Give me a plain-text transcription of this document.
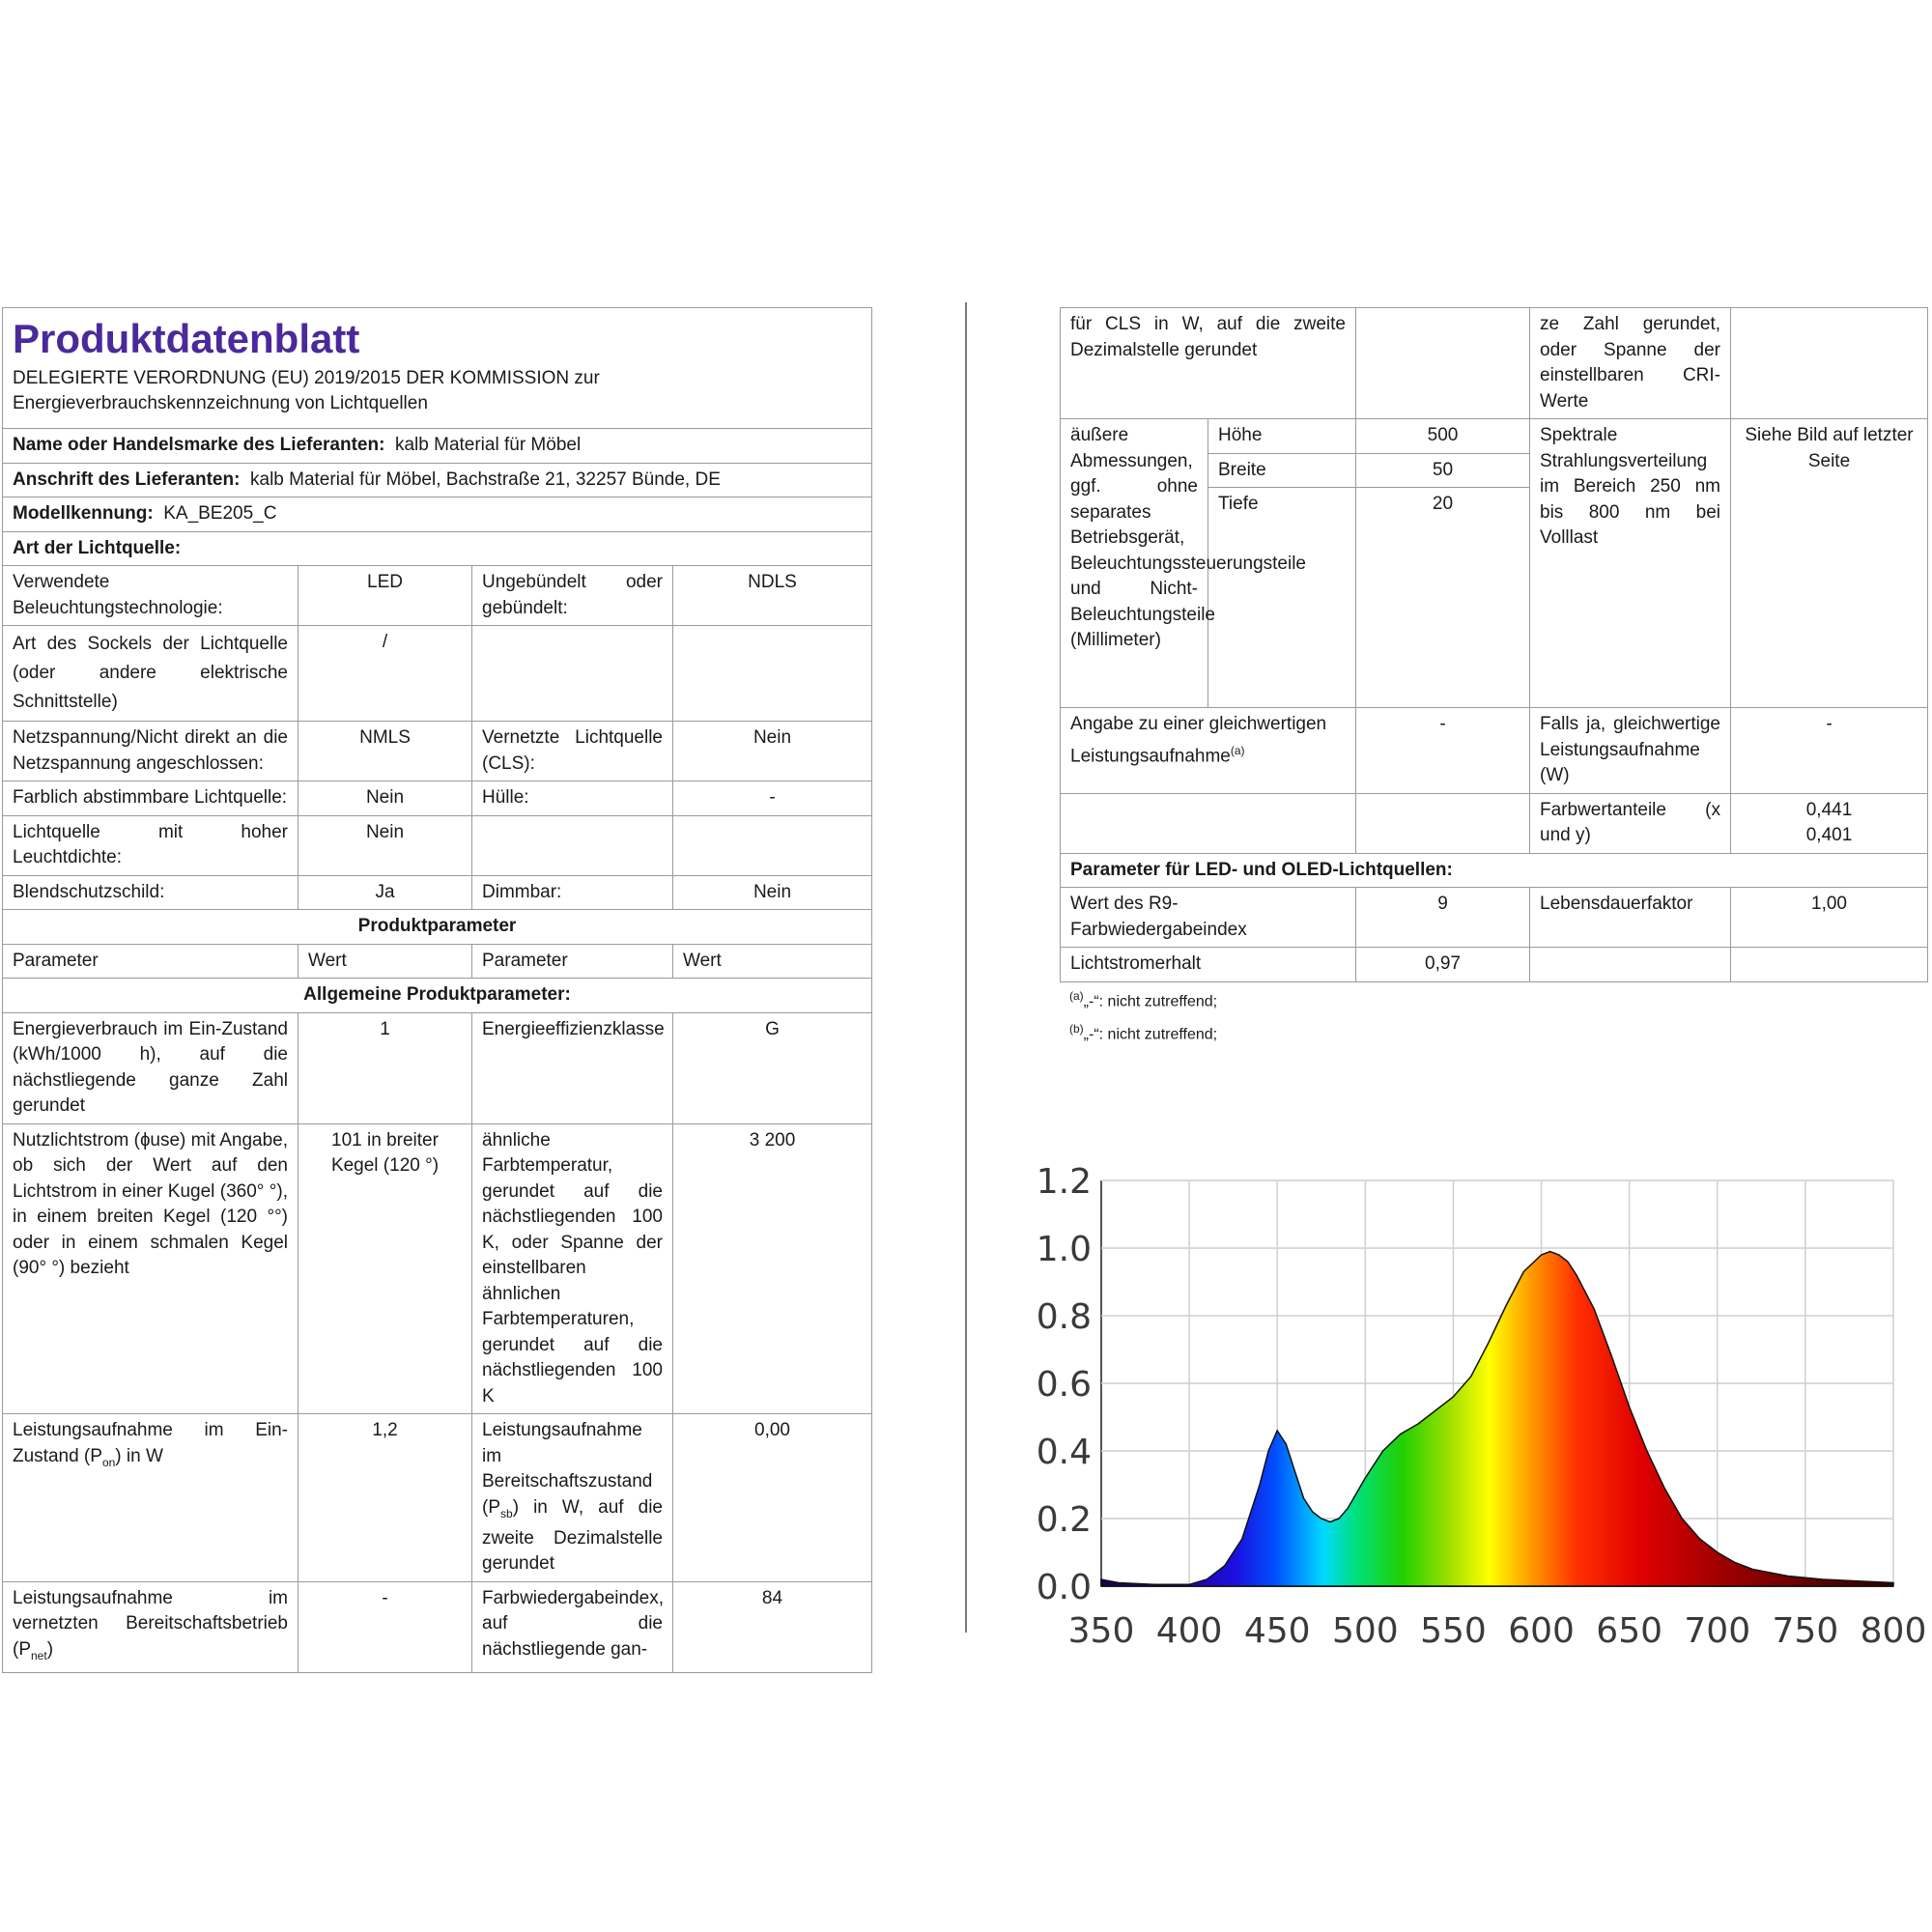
Produktdatenblatt
DELEGIERTE VERORDNUNG (EU) 2019/2015 DER KOMMISSION zur Energieverbrauchskennzeichnung von Lichtquellen			

Name oder Handelsmarke des Lieferanten: kalb Material für Möbel			
Anschrift des Lieferanten: kalb Material für Möbel, Bachstraße 21, 32257 Bünde, DE			
Modellkennung: KA_BE205_C			
Art der Lichtquelle:			
Verwendete Beleuchtungstechnologie:	LED	Ungebündelt oder gebündelt:	NDLS
Art des Sockels der Lichtquelle (oder andere elektrische Schnittstelle)	/		
Netzspannung/Nicht direkt an die Netzspannung angeschlossen:	NMLS	Vernetzte Lichtquelle (CLS):	Nein
Farblich abstimmbare Lichtquelle:	Nein	Hülle:	-
Lichtquelle mit hoher Leuchtdichte:	Nein		
Blendschutzschild:	Ja	Dimmbar:	Nein
Produktparameter			
Parameter	Wert	Parameter	Wert
Allgemeine Produktparameter:			
Energieverbrauch im Ein-Zustand (kWh/1000 h), auf die nächstliegende ganze Zahl gerundet	1	Energieeffizienzklasse	G
Nutzlichtstrom (ɸuse) mit Angabe, ob sich der Wert auf den Lichtstrom in einer Kugel (360° °), in einem breiten Kegel (120 °°) oder in einem schmalen Kegel (90° °) bezieht	101 in breiter Kegel (120 °)	ähnliche Farbtemperatur, gerundet auf die nächstliegenden 100 K, oder Spanne der einstellbaren ähnlichen Farbtemperaturen, gerundet auf die nächstliegenden 100 K	3 200
Leistungsaufnahme im Ein-Zustand $(P_{on})$ in W	1,2	Leistungsaufnahme im Bereitschaftszustand $(P_{sb})$ in W, auf die zweite Dezimalstelle gerundet	0,00
Leistungsaufnahme im vernetzten Bereitschaftsbetrieb $(P_{net})$	-	Farbwiedergabeindex, auf die nächstliegende gan-	84
für CLS in W, auf die zweite Dezimalstelle gerundet			ze Zahl gerundet, oder Spanne der einstellbaren CRI-Werte	
äußere Abmessungen, ggf. ohne separates Betriebsgerät, Beleuchtungssteuerungsteile und Nicht-Beleuchtungsteile (Millimeter)	Höhe	500	Spektrale Strahlungsverteilung im Bereich 250 nm bis 800 nm bei Volllast	Siehe Bild auf letzter Seite
	Breite	50		
	Tiefe	20		
Angabe zu einer gleichwertigen Leistungsaufnahme$^{(a)}$		-	Falls ja, gleichwertige Leistungsaufnahme (W)	-
			Farbwertanteile (x und y)	0,441
0,401

Parameter für LED- und OLED-Lichtquellen:				
Wert des R9-Farbwiedergabeindex		9	Lebensdauerfaktor	1,00
Lichtstromerhalt		0,97		
$^{(a)}$„-“: nicht zutreffend;
$^{(b)}$„-“: nicht zutreffend;
350 400 450 500 550 600 650 700 750 800
0.0
0.2
0.4
0.6
0.8
1.0
1.2
